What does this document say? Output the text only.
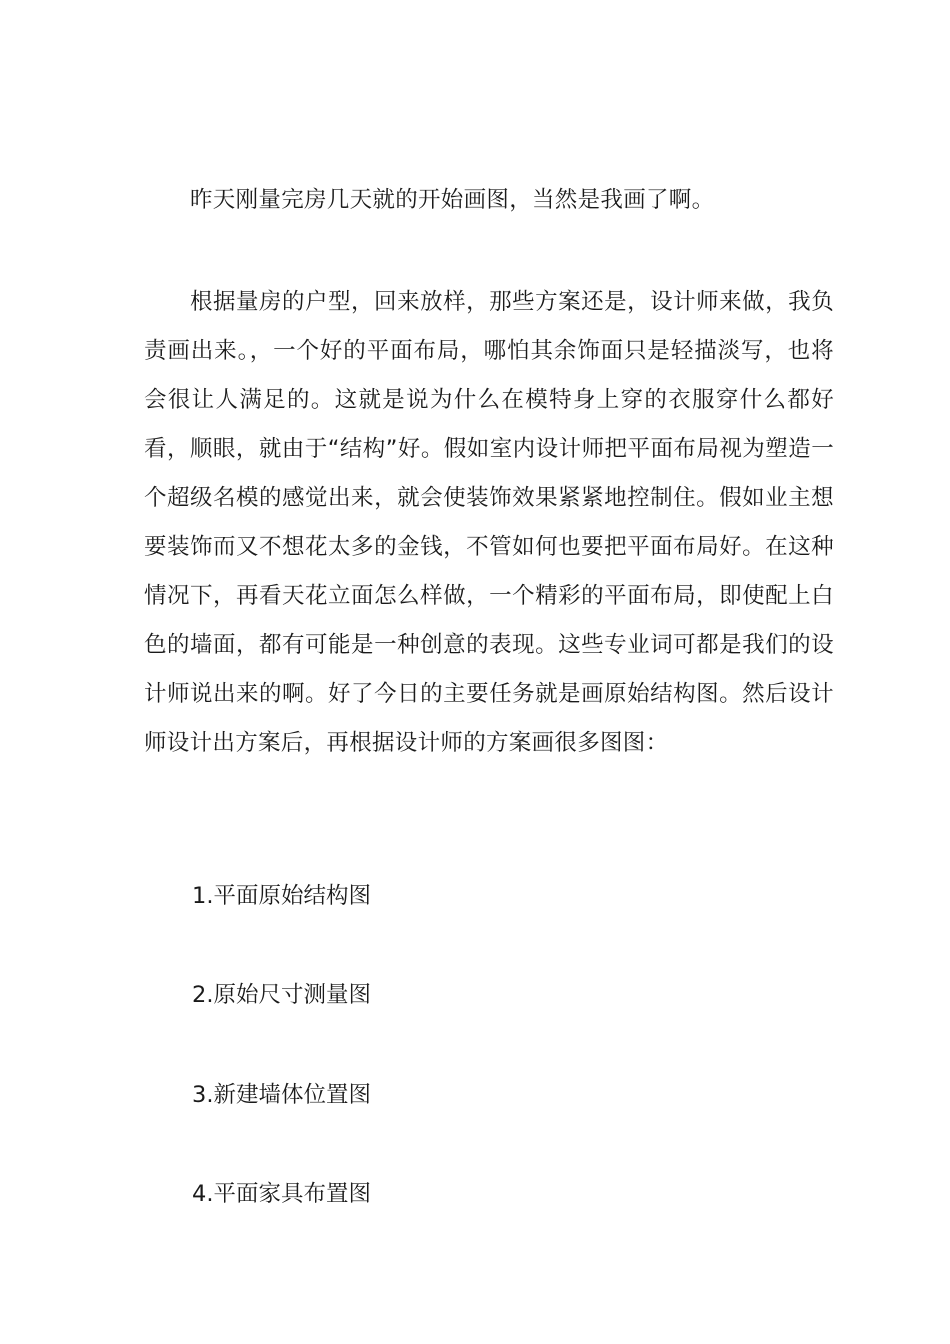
昨天刚量完房几天就的开始画图，当然是我画了啊。

根据量房的户型，回来放样，那些方案还是，设计师来做，我负责画出来。，一个好的平面布局，哪怕其余饰面只是轻描淡写，也将会很让人满足的。这就是说为什么在模特身上穿的衣服穿什么都好看，顺眼，就由于“结构”好。假如室内设计师把平面布局视为塑造一个超级名模的感觉出来，就会使装饰效果紧紧地控制住。假如业主想要装饰而又不想花太多的金钱，不管如何也要把平面布局好。在这种情况下，再看天花立面怎么样做，一个精彩的平面布局，即使配上白色的墙面，都有可能是一种创意的表现。这些专业词可都是我们的设计师说出来的啊。好了今日的主要任务就是画原始结构图。然后设计师设计出方案后，再根据设计师的方案画很多图图：

1.平面原始结构图

2.原始尺寸测量图

3.新建墙体位置图

4.平面家具布置图
